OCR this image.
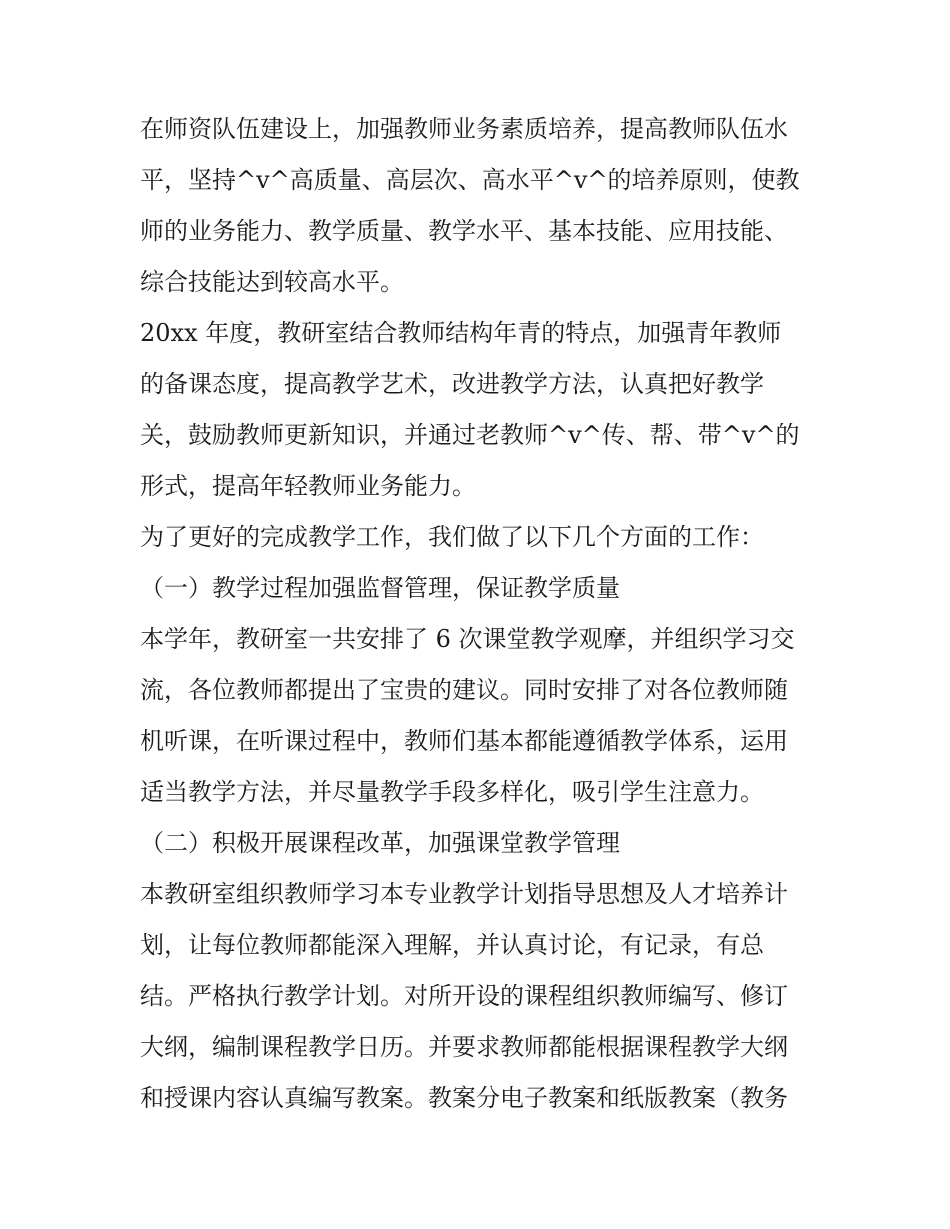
在师资队伍建设上，加强教师业务素质培养，提高教师队伍水
平，坚持^v^高质量、高层次、高水平^v^的培养原则，使教
师的业务能力、教学质量、教学水平、基本技能、应用技能、
综合技能达到较高水平。
20xx 年度，教研室结合教师结构年青的特点，加强青年教师
的备课态度，提高教学艺术，改进教学方法，认真把好教学
关，鼓励教师更新知识，并通过老教师^v^传、帮、带^v^的
形式，提高年轻教师业务能力。
为了更好的完成教学工作，我们做了以下几个方面的工作：
（一）教学过程加强监督管理，保证教学质量
本学年，教研室一共安排了 6 次课堂教学观摩，并组织学习交
流，各位教师都提出了宝贵的建议。同时安排了对各位教师随
机听课，在听课过程中，教师们基本都能遵循教学体系，运用
适当教学方法，并尽量教学手段多样化，吸引学生注意力。
（二）积极开展课程改革，加强课堂教学管理
本教研室组织教师学习本专业教学计划指导思想及人才培养计
划，让每位教师都能深入理解，并认真讨论，有记录，有总
结。严格执行教学计划。对所开设的课程组织教师编写、修订
大纲，编制课程教学日历。并要求教师都能根据课程教学大纲
和授课内容认真编写教案。教案分电子教案和纸版教案（教务
